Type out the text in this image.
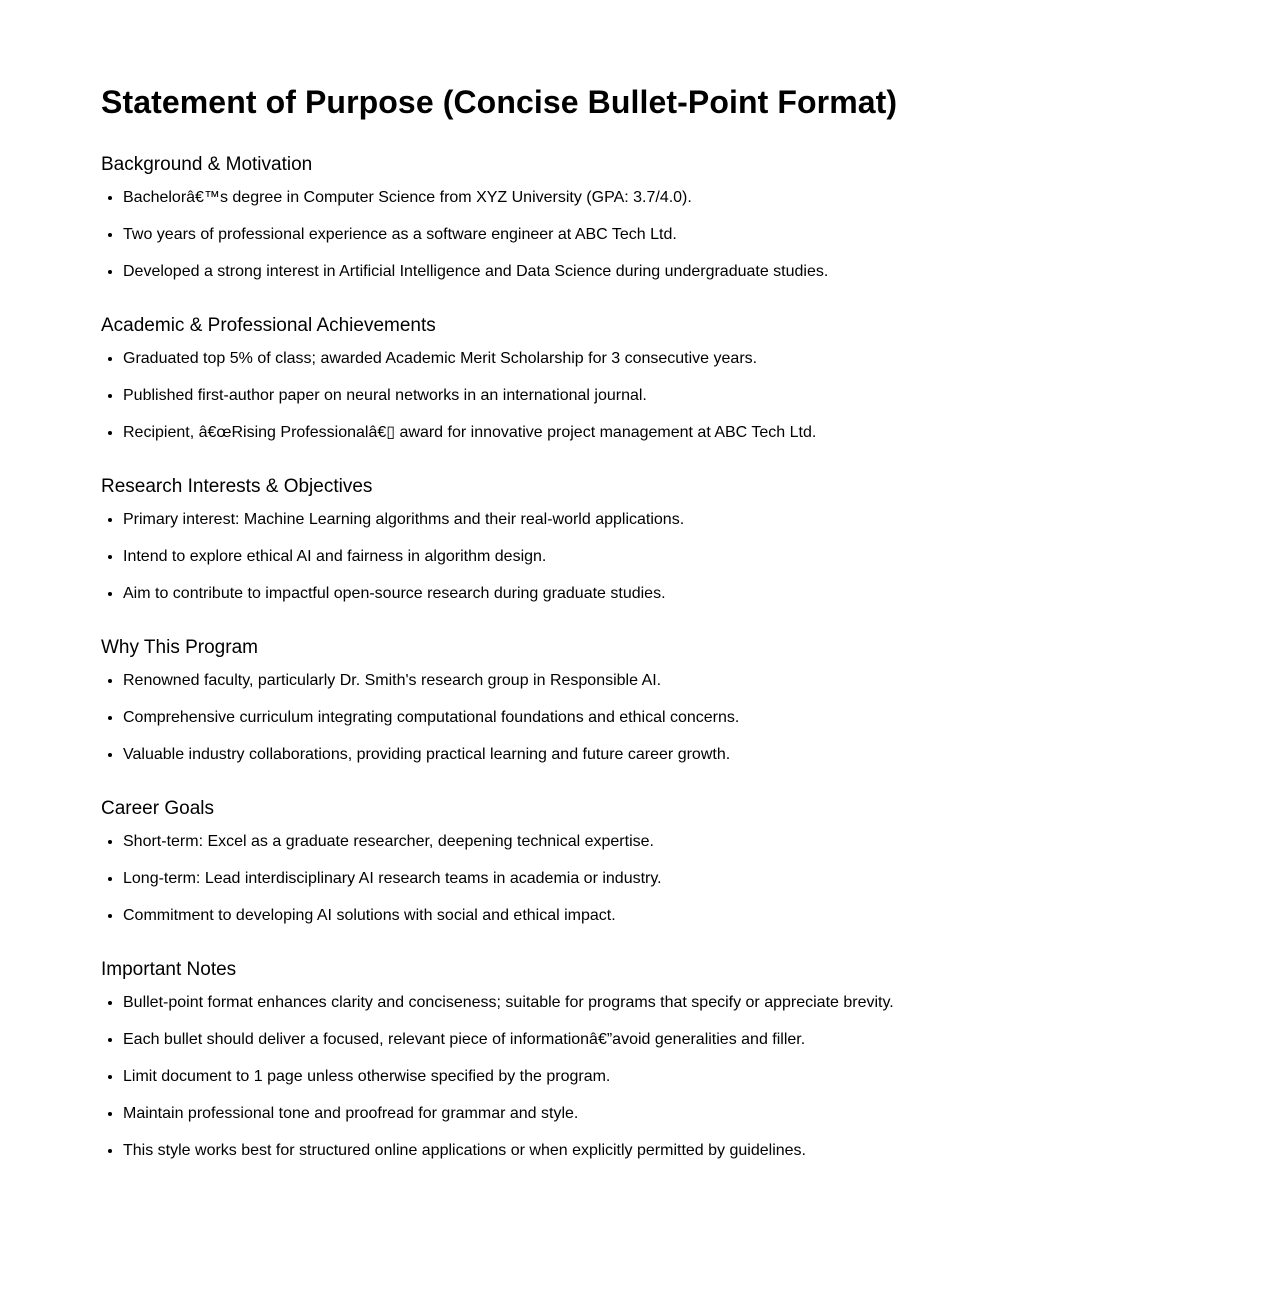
Statement of Purpose (Concise Bullet-Point Format)
Background & Motivation
• Bachelorâ€™s degree in Computer Science from XYZ University (GPA: 3.7/4.0).
• Two years of professional experience as a software engineer at ABC Tech Ltd.
• Developed a strong interest in Artificial Intelligence and Data Science during undergraduate studies.
Academic & Professional Achievements
• Graduated top 5% of class; awarded Academic Merit Scholarship for 3 consecutive years.
• Published first-author paper on neural networks in an international journal.
• Recipient, â€œRising Professionalâ€▯ award for innovative project management at ABC Tech Ltd.
Research Interests & Objectives
• Primary interest: Machine Learning algorithms and their real-world applications.
• Intend to explore ethical AI and fairness in algorithm design.
• Aim to contribute to impactful open-source research during graduate studies.
Why This Program
• Renowned faculty, particularly Dr. Smith's research group in Responsible AI.
• Comprehensive curriculum integrating computational foundations and ethical concerns.
• Valuable industry collaborations, providing practical learning and future career growth.
Career Goals
• Short-term: Excel as a graduate researcher, deepening technical expertise.
• Long-term: Lead interdisciplinary AI research teams in academia or industry.
• Commitment to developing AI solutions with social and ethical impact.
Important Notes
• Bullet-point format enhances clarity and conciseness; suitable for programs that specify or appreciate brevity.
• Each bullet should deliver a focused, relevant piece of informationâ€”avoid generalities and filler.
• Limit document to 1 page unless otherwise specified by the program.
• Maintain professional tone and proofread for grammar and style.
• This style works best for structured online applications or when explicitly permitted by guidelines.
